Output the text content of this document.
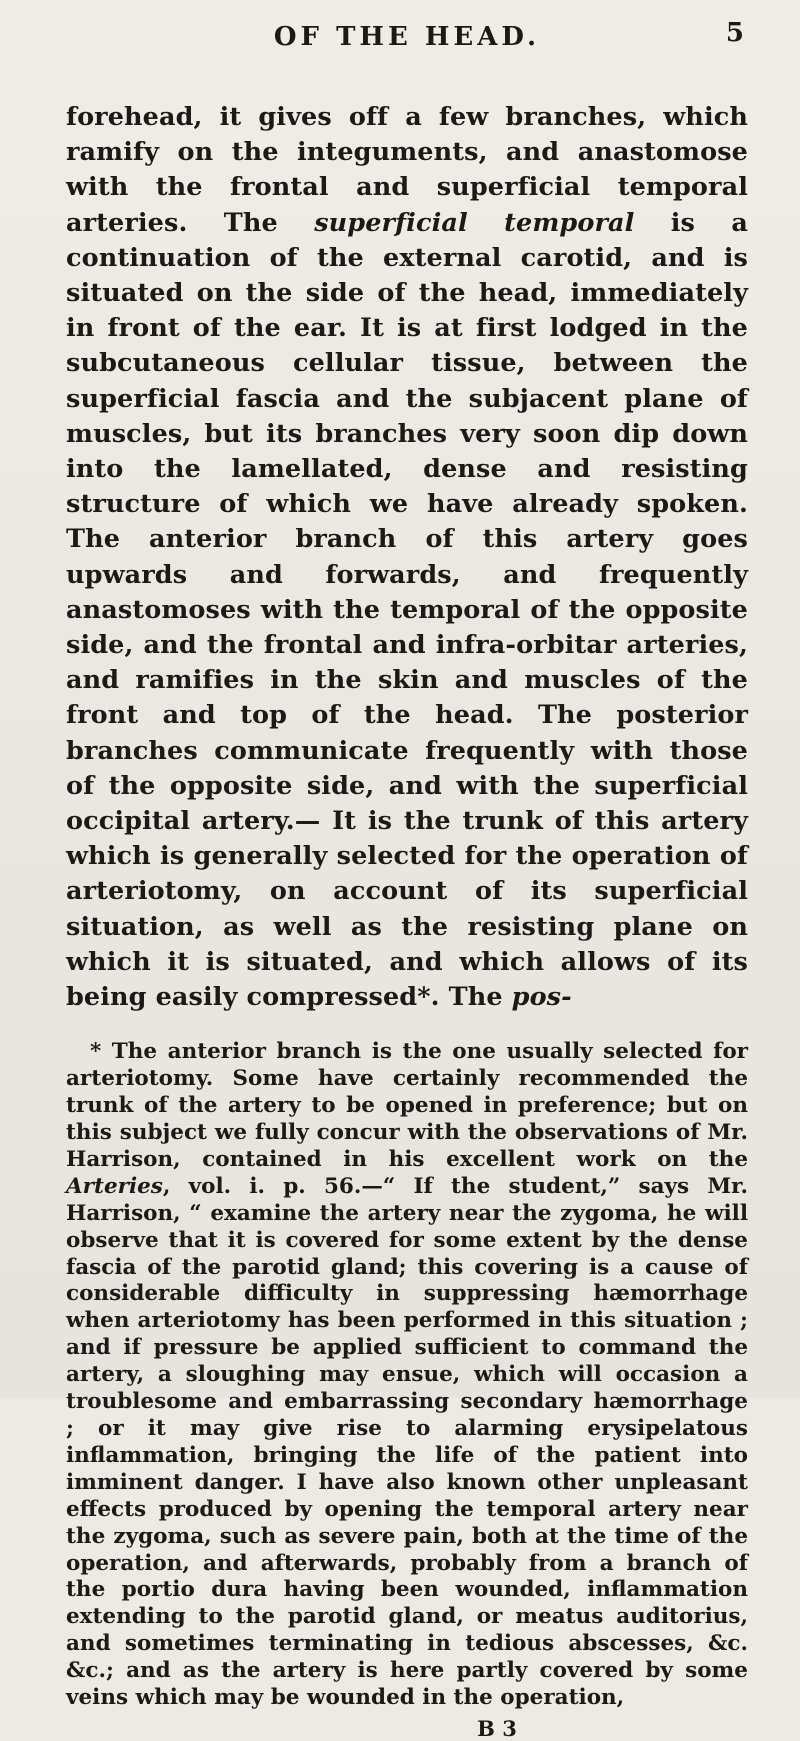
OF THE HEAD.	5

forehead, it gives off a few branches, which ramify on the integuments, and anastomose with the frontal and superficial temporal arteries. The superficial temporal is a continuation of the external carotid, and is situated on the side of the head, immediately in front of the ear. It is at first lodged in the subcutaneous cellular tissue, between the superficial fascia and the subjacent plane of muscles, but its branches very soon dip down into the lamellated, dense and resisting structure of which we have already spoken. The anterior branch of this artery goes upwards and forwards, and frequently anastomoses with the temporal of the opposite side, and the frontal and infra-orbitar arteries, and ramifies in the skin and muscles of the front and top of the head. The posterior branches communicate frequently with those of the opposite side, and with the superficial occipital artery.— It is the trunk of this artery which is generally selected for the operation of arteriotomy, on account of its superficial situation, as well as the resisting plane on which it is situated, and which allows of its being easily compressed*. The pos-

* The anterior branch is the one usually selected for arteriotomy. Some have certainly recommended the trunk of the artery to be opened in preference; but on this subject we fully concur with the observations of Mr. Harrison, contained in his excellent work on the Arteries, vol. i. p. 56.—“ If the student,” says Mr. Harrison, “ examine the artery near the zygoma, he will observe that it is covered for some extent by the dense fascia of the parotid gland; this covering is a cause of considerable difficulty in suppressing hæmorrhage when arteriotomy has been performed in this situation ; and if pressure be applied sufficient to command the artery, a sloughing may ensue, which will occasion a troublesome and embarrassing secondary hæmorrhage ; or it may give rise to alarming erysipelatous inflammation, bringing the life of the patient into imminent danger. I have also known other unpleasant effects produced by opening the temporal artery near the zygoma, such as severe pain, both at the time of the operation, and afterwards, probably from a branch of the portio dura having been wounded, inflammation extending to the parotid gland, or meatus auditorius, and sometimes terminating in tedious abscesses, &c. &c.; and as the artery is here partly covered by some veins which may be wounded in the operation,

B 3
